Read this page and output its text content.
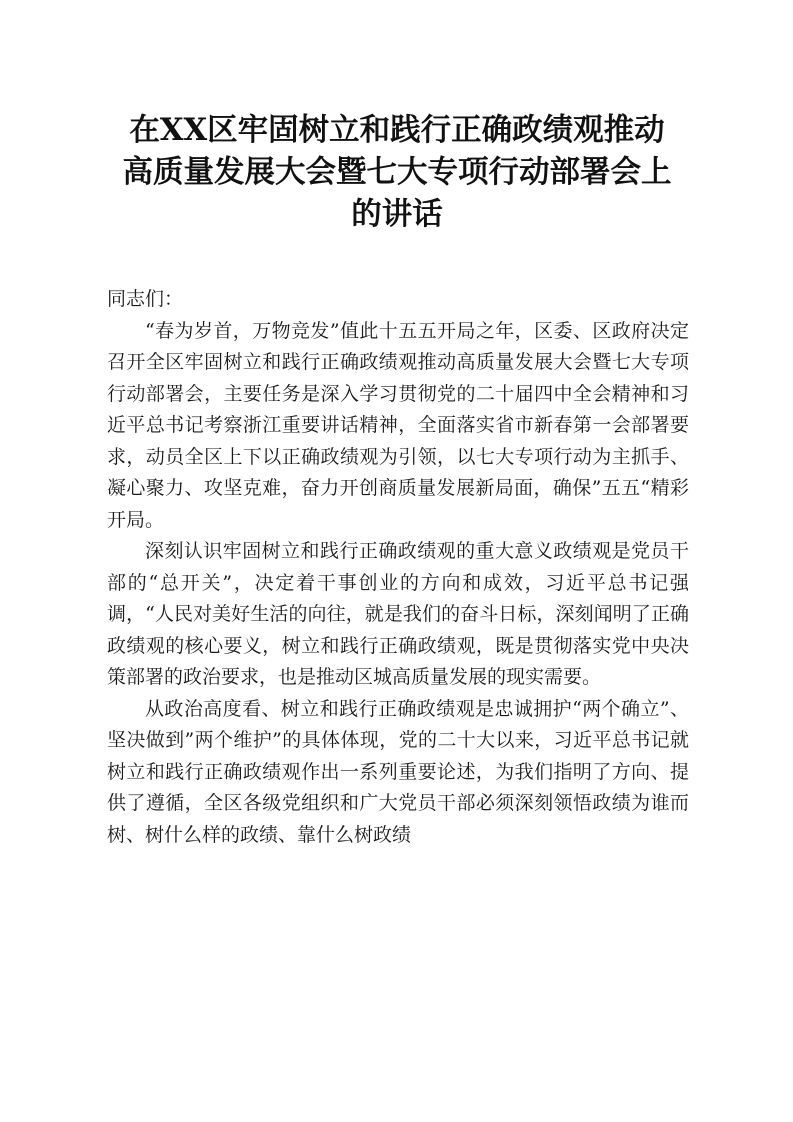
在XX区牢固树立和践行正确政绩观推动
高质量发展大会暨七大专项行动部署会上
的讲话

同志们：

“春为岁首，万物竞发”值此十五五开局之年，区委、区政府决定召开全区牢固树立和践行正确政绩观推动高质量发展大会暨七大专项行动部署会，主要任务是深入学习贯彻党的二十届四中全会精神和习近平总书记考察浙江重要讲话精神，全面落实省市新春第一会部署要求，动员全区上下以正确政绩观为引领，以七大专项行动为主抓手、凝心聚力、攻坚克难，奋力开创商质量发展新局面，确保”五五“精彩开局。

深刻认识牢固树立和践行正确政绩观的重大意义政绩观是党员干部的“总开关”，决定着干事创业的方向和成效，习近平总书记强调，“人民对美好生活的向往，就是我们的奋斗日标，深刻闻明了正确政绩观的核心要义，树立和践行正确政绩观，既是贯彻落实党中央决策部署的政治要求，也是推动区城高质量发展的现实需要。

从政治高度看、树立和践行正确政绩观是忠诚拥护“两个确立”、坚决做到”两个维护”的具体体现，党的二十大以来，习近平总书记就树立和践行正确政绩观作出一系列重要论述，为我们指明了方向、提供了遵循，全区各级党组织和广大党员干部必须深刻领悟政绩为谁而树、树什么样的政绩、靠什么树政绩
